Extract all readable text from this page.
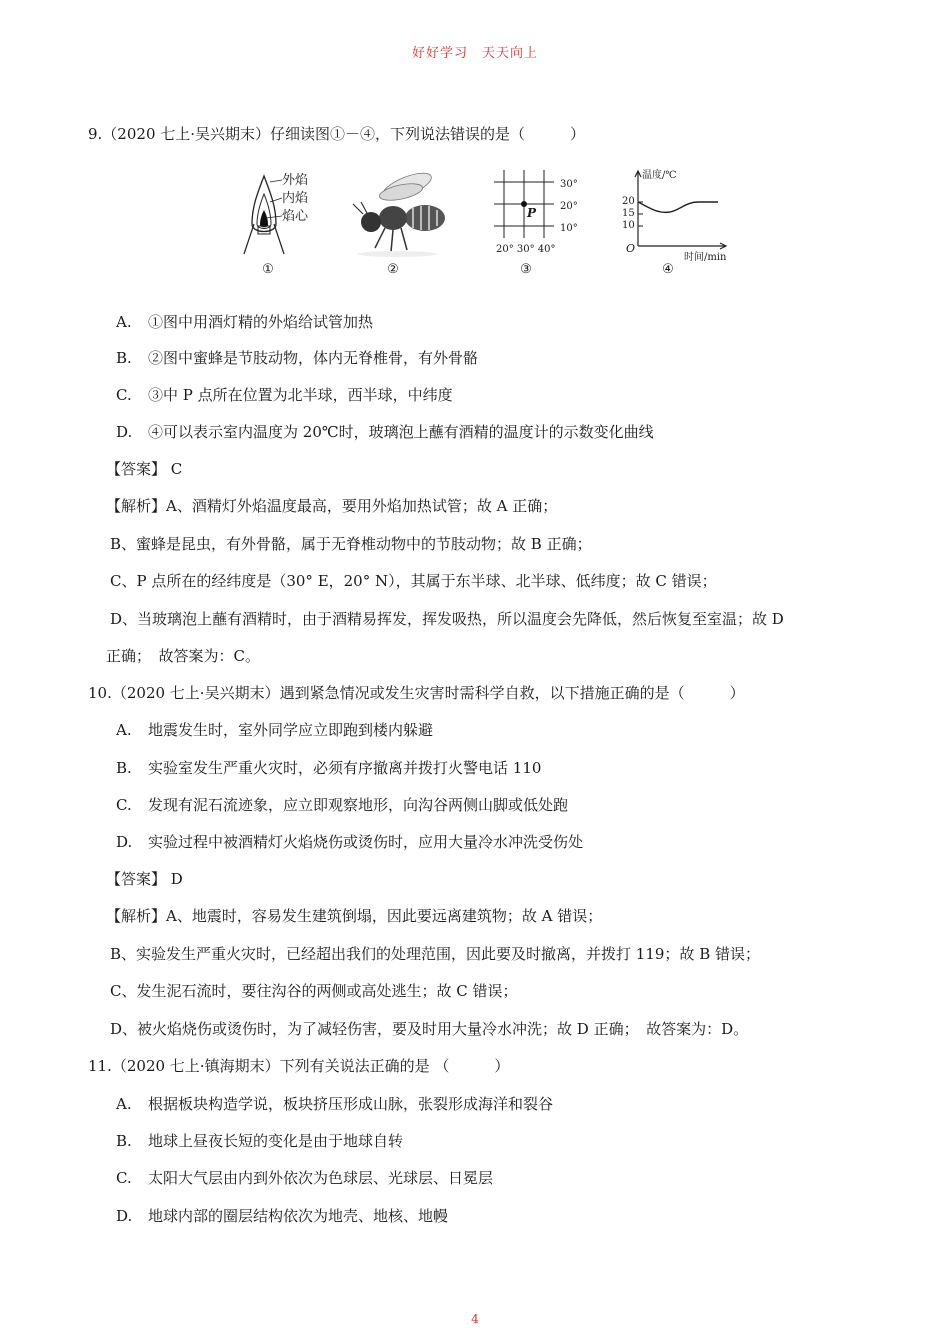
好好学习　天天向上
9.（2020 七上·吴兴期末）仔细读图①－④，下列说法错误的是（　　　）
外焰
内焰
焰心
①	②
P
30°
20°
10°
20° 30° 40°
③
温度/℃
20
15
10
O
时间/min
④
A. ①图中用酒灯精的外焰给试管加热
B. ②图中蜜蜂是节肢动物，体内无脊椎骨，有外骨骼
C. ③中 P 点所在位置为北半球，西半球，中纬度
D. ④可以表示室内温度为 20℃时，玻璃泡上蘸有酒精的温度计的示数变化曲线
【答案】 C
【解析】A、酒精灯外焰温度最高，要用外焰加热试管；故 A 正确；
B、蜜蜂是昆虫，有外骨骼，属于无脊椎动物中的节肢动物；故 B 正确；
C、P 点所在的经纬度是（30° E，20° N），其属于东半球、北半球、低纬度；故 C 错误；
D、当玻璃泡上蘸有酒精时，由于酒精易挥发，挥发吸热，所以温度会先降低，然后恢复至室温；故 D
正确；　故答案为：C。
10.（2020 七上·吴兴期末）遇到紧急情况或发生灾害时需科学自救，以下措施正确的是（　　　）
A. 地震发生时，室外同学应立即跑到楼内躲避
B. 实验室发生严重火灾时，必须有序撤离并拨打火警电话 110
C. 发现有泥石流迹象，应立即观察地形，向沟谷两侧山脚或低处跑
D. 实验过程中被酒精灯火焰烧伤或烫伤时，应用大量冷水冲洗受伤处
【答案】 D
【解析】A、地震时，容易发生建筑倒塌，因此要远离建筑物；故 A 错误；
B、实验发生严重火灾时，已经超出我们的处理范围，因此要及时撤离，并拨打 119；故 B 错误；
C、发生泥石流时，要往沟谷的两侧或高处逃生；故 C 错误；
D、被火焰烧伤或烫伤时，为了减轻伤害，要及时用大量冷水冲洗；故 D 正确；　故答案为：D。
11.（2020 七上·镇海期末）下列有关说法正确的是 （　　　）
A. 根据板块构造学说，板块挤压形成山脉，张裂形成海洋和裂谷
B. 地球上昼夜长短的变化是由于地球自转
C. 太阳大气层由内到外依次为色球层、光球层、日冕层
D. 地球内部的圈层结构依次为地壳、地核、地幔
4
